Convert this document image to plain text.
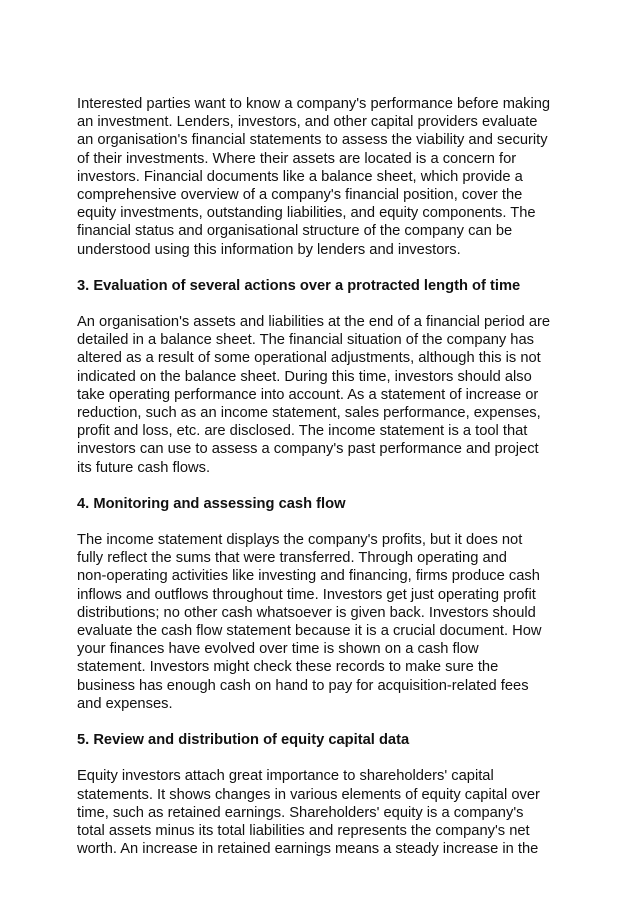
Interested parties want to know a company's performance before making
an investment. Lenders, investors, and other capital providers evaluate
an organisation's financial statements to assess the viability and security
of their investments. Where their assets are located is a concern for
investors. Financial documents like a balance sheet, which provide a
comprehensive overview of a company's financial position, cover the
equity investments, outstanding liabilities, and equity components. The
financial status and organisational structure of the company can be
understood using this information by lenders and investors.

3. Evaluation of several actions over a protracted length of time

An organisation's assets and liabilities at the end of a financial period are
detailed in a balance sheet. The financial situation of the company has
altered as a result of some operational adjustments, although this is not
indicated on the balance sheet. During this time, investors should also
take operating performance into account. As a statement of increase or
reduction, such as an income statement, sales performance, expenses,
profit and loss, etc. are disclosed. The income statement is a tool that
investors can use to assess a company's past performance and project
its future cash flows.

4. Monitoring and assessing cash flow

The income statement displays the company's profits, but it does not
fully reflect the sums that were transferred. Through operating and
non-operating activities like investing and financing, firms produce cash
inflows and outflows throughout time. Investors get just operating profit
distributions; no other cash whatsoever is given back. Investors should
evaluate the cash flow statement because it is a crucial document. How
your finances have evolved over time is shown on a cash flow
statement. Investors might check these records to make sure the
business has enough cash on hand to pay for acquisition-related fees
and expenses.

5. Review and distribution of equity capital data

Equity investors attach great importance to shareholders' capital
statements. It shows changes in various elements of equity capital over
time, such as retained earnings. Shareholders' equity is a company's
total assets minus its total liabilities and represents the company's net
worth. An increase in retained earnings means a steady increase in the
